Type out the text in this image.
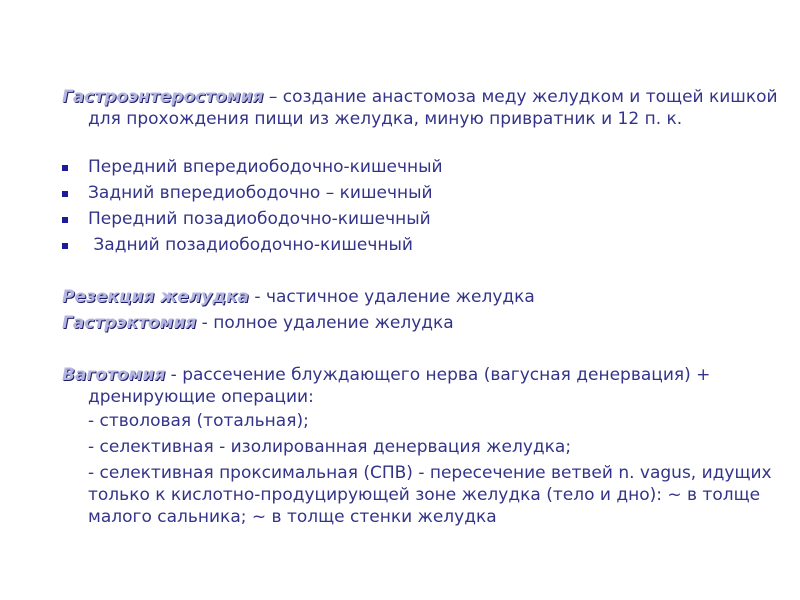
Гастроэнтеростомия – создание анастомоза меду желудком и тощей кишкой для прохождения пищи из желудка, миную привратник и 12 п. к.
Передний впередиободочно-кишечный
Задний впередиободочно – кишечный
Передний позадиободочно-кишечный
Задний позадиободочно-кишечный
Резекция желудка - частичное удаление желудка
Гастрэктомия - полное удаление желудка
Ваготомия - рассечение блуждающего нерва (вагусная денервация) + дренирующие операции:
- стволовая (тотальная);
- селективная - изолированная денервация желудка;
- селективная проксимальная (СПВ) - пересечение ветвей n. vagus, идущих только к кислотно-продуцирующей зоне желудка (тело и дно): ~ в толще малого сальника; ~ в толще стенки желудка
